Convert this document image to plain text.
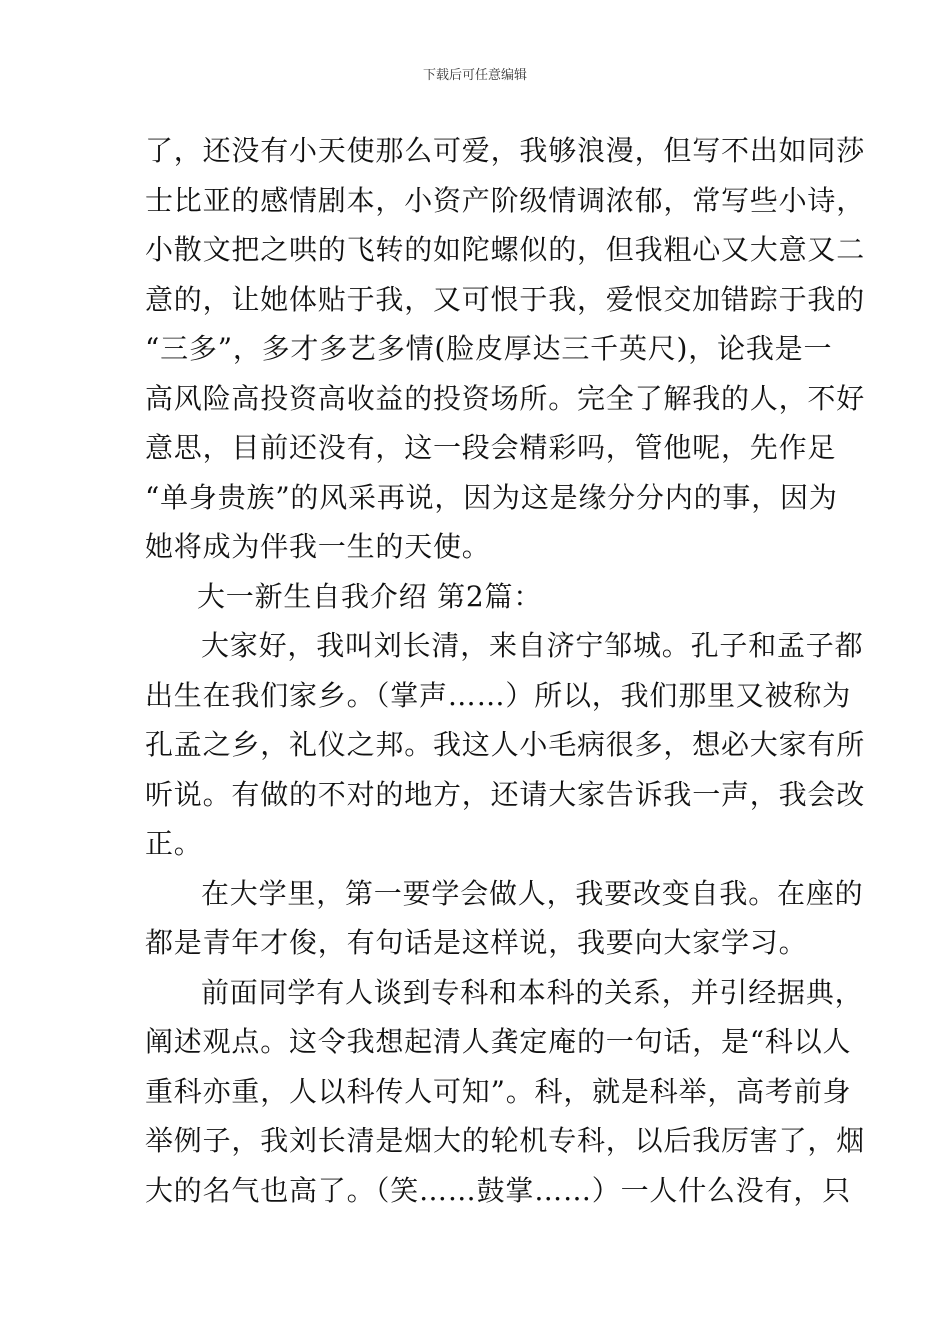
下载后可任意编辑
了，还没有小天使那么可爱，我够浪漫，但写不出如同莎
士比亚的感情剧本，小资产阶级情调浓郁，常写些小诗，
小散文把之哄的飞转的如陀螺似的，但我粗心又大意又二
意的，让她体贴于我，又可恨于我，爱恨交加错踪于我的
“三多”，多才多艺多情(脸皮厚达三千英尺)，论我是一
高风险高投资高收益的投资场所。完全了解我的人，不好
意思，目前还没有，这一段会精彩吗，管他呢，先作足
“单身贵族”的风采再说，因为这是缘分分内的事，因为
她将成为伴我一生的天使。
大一新生自我介绍 第2篇：
大家好，我叫刘长清，来自济宁邹城。孔子和孟子都
出生在我们家乡。（掌声……）所以，我们那里又被称为
孔孟之乡，礼仪之邦。我这人小毛病很多，想必大家有所
听说。有做的不对的地方，还请大家告诉我一声，我会改
正。
在大学里，第一要学会做人，我要改变自我。在座的
都是青年才俊，有句话是这样说，我要向大家学习。
前面同学有人谈到专科和本科的关系，并引经据典，
阐述观点。这令我想起清人龚定庵的一句话，是“科以人
重科亦重，人以科传人可知”。科，就是科举，高考前身
举例子，我刘长清是烟大的轮机专科，以后我厉害了，烟
大的名气也高了。（笑……鼓掌……）一人什么没有，只
